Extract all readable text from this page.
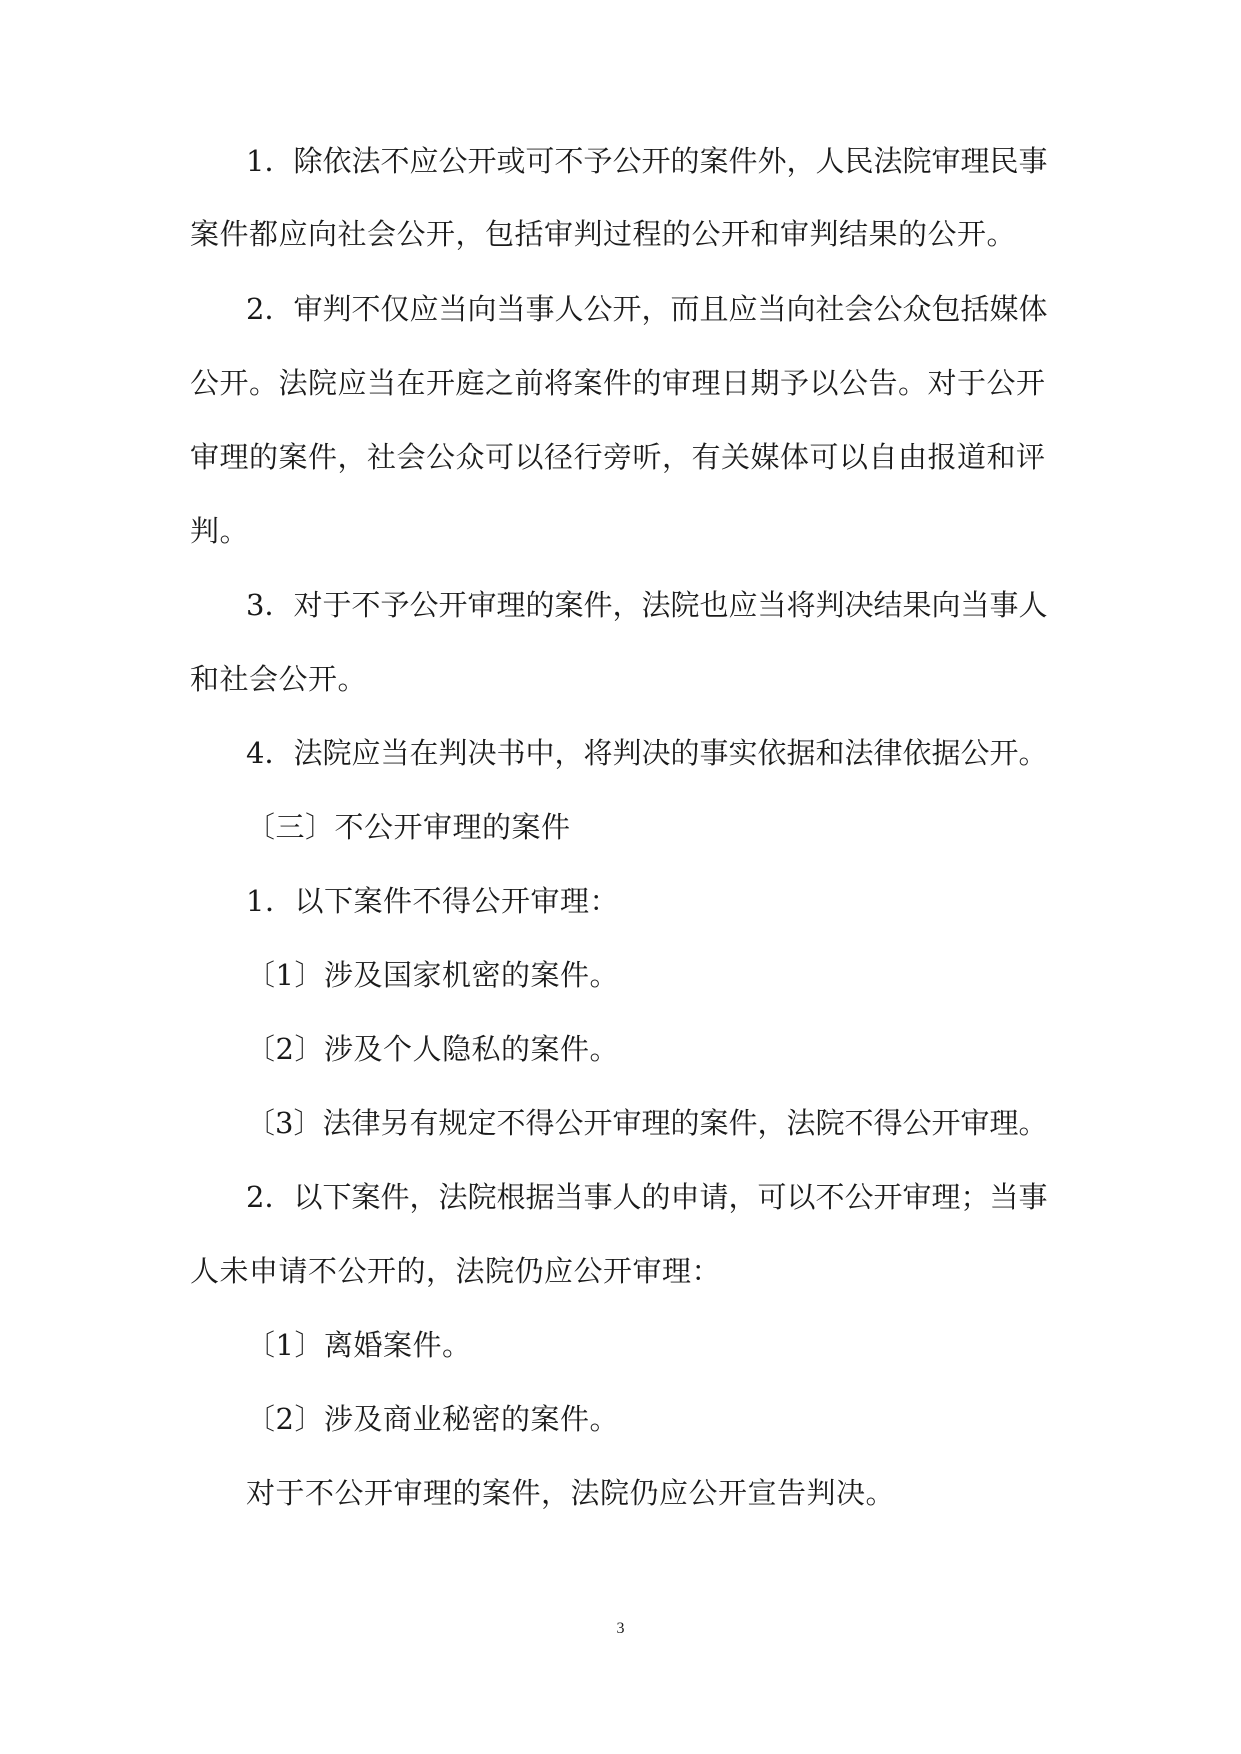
1．除依法不应公开或可不予公开的案件外，人民法院审理民事
案件都应向社会公开，包括审判过程的公开和审判结果的公开。
2．审判不仅应当向当事人公开，而且应当向社会公众包括媒体
公开。法院应当在开庭之前将案件的审理日期予以公告。对于公开
审理的案件，社会公众可以径行旁听，有关媒体可以自由报道和评
判。
3．对于不予公开审理的案件，法院也应当将判决结果向当事人
和社会公开。
4．法院应当在判决书中，将判决的事实依据和法律依据公开。
〔三〕不公开审理的案件
1．以下案件不得公开审理：
〔1〕涉及国家机密的案件。
〔2〕涉及个人隐私的案件。
〔3〕法律另有规定不得公开审理的案件，法院不得公开审理。
2．以下案件，法院根据当事人的申请，可以不公开审理；当事
人未申请不公开的，法院仍应公开审理：
〔1〕离婚案件。
〔2〕涉及商业秘密的案件。
对于不公开审理的案件，法院仍应公开宣告判决。
3
